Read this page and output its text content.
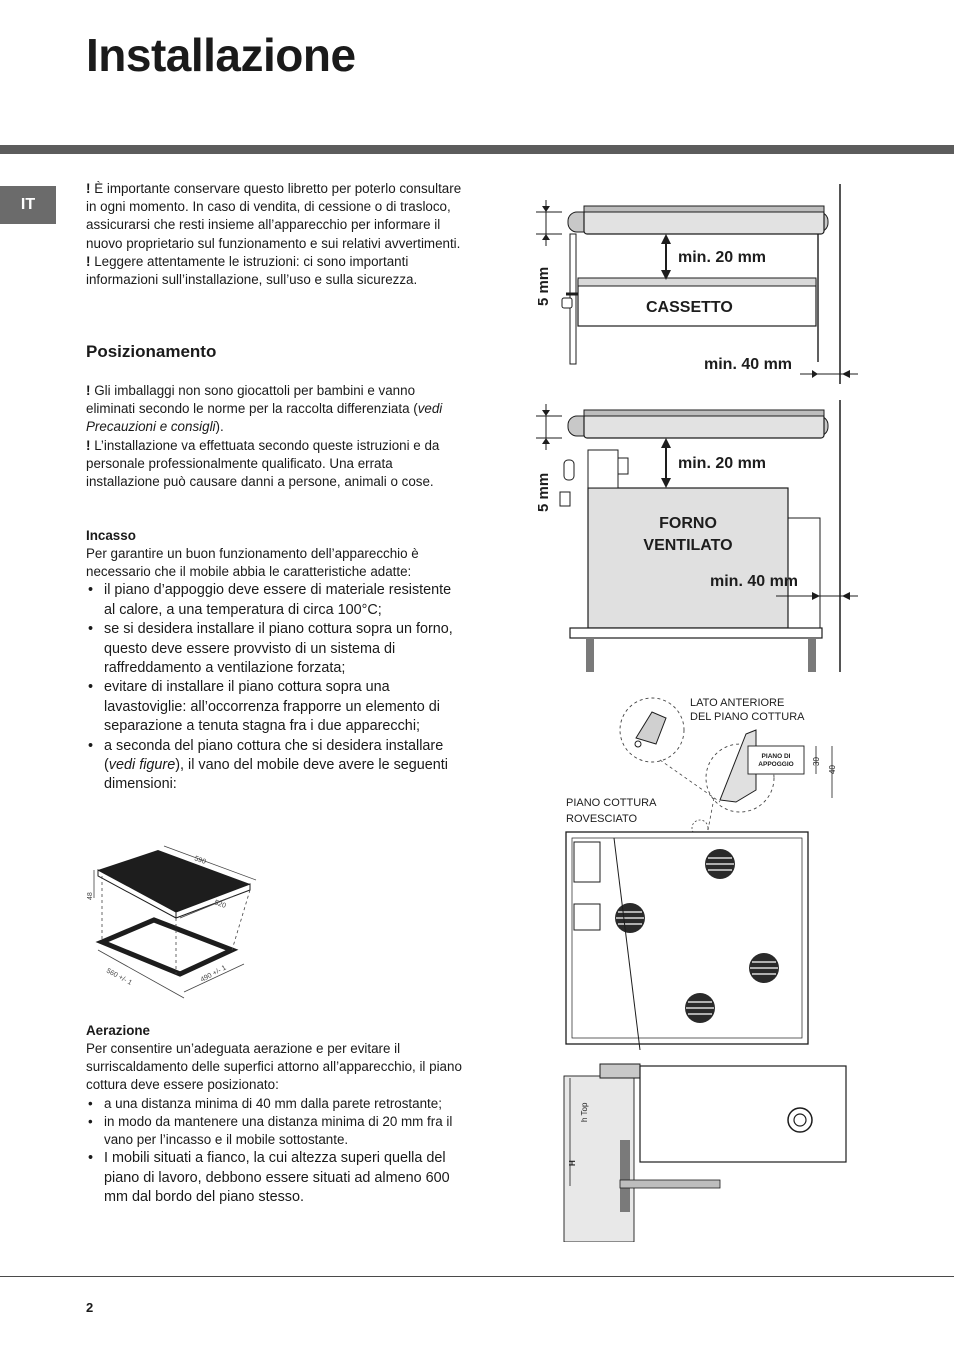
Installazione
IT

! È importante conservare questo libretto per poterlo consultare in ogni momento. In caso di vendita, di cessione o di trasloco, assicurarsi che resti insieme all’apparecchio per informare il nuovo proprietario sul funzionamento e sui relativi avvertimenti.

! Leggere attentamente le istruzioni: ci sono importanti informazioni sull’installazione, sull’uso e sulla sicurezza.

Posizionamento

! Gli imballaggi non sono giocattoli per bambini e vanno eliminati secondo le norme per la raccolta differenziata (vedi Precauzioni e consigli).

! L’installazione va effettuata secondo queste istruzioni e da personale professionalmente qualificato. Una errata installazione può causare danni a persone, animali o cose.

Incasso

Per garantire un buon funzionamento dell’apparecchio è necessario che il mobile abbia le caratteristiche adatte:

• il piano d’appoggio deve essere di materiale resistente al calore, a una temperatura di circa 100°C;
• se si desidera installare il piano cottura sopra un forno, questo deve essere provvisto di un sistema di raffreddamento a ventilazione forzata;
• evitare di installare il piano cottura sopra una lavastoviglie: all’occorrenza frapporre un elemento di separazione a tenuta stagna fra i due apparecchi;
• a seconda del piano cottura che si desidera installare (vedi figure), il vano del mobile deve avere le seguenti dimensioni:
590
520
48
560 +/- 1	490 +/- 1

Aerazione

Per consentire un’adeguata aerazione e per evitare il surriscaldamento delle superfici attorno all’apparecchio, il piano cottura deve essere posizionato:

• a una distanza minima di 40 mm dalla parete retrostante;
• in modo da mantenere una distanza minima di 20 mm fra il vano per l’incasso e il mobile sottostante.
• I mobili situati a fianco, la cui altezza superi quella del piano di lavoro, debbono essere situati ad almeno 600 mm dal bordo del piano stesso.
5 mm
min. 20 mm
CASSETTO
min. 40 mm
5 mm
min. 20 mm
FORNO
VENTILATO
min. 40 mm
LATO ANTERIORE
DEL PIANO COTTURA
PIANO DI
APPOGGIO 30
40
PIANO COTTURA
ROVESCIATO
h Top
H
2
